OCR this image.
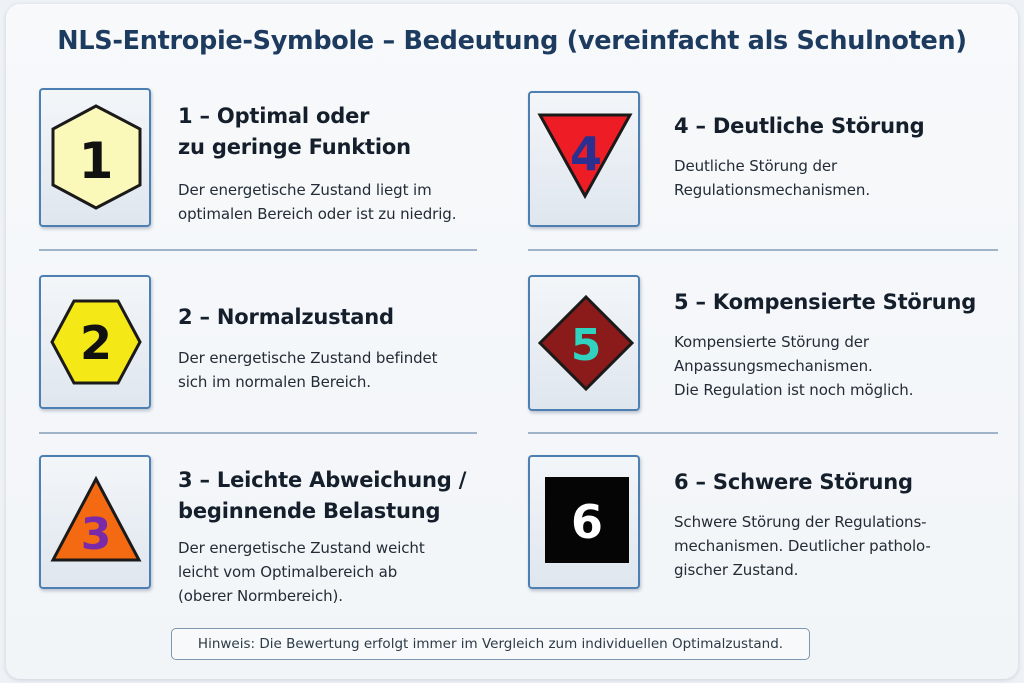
NLS-Entropie-Symbole – Bedeutung (vereinfacht als Schulnoten)
1
1 – Optimal oder
zu geringe Funktion
Der energetische Zustand liegt im
optimalen Bereich oder ist zu niedrig.
2	2 – Normalzustand
Der energetische Zustand befindet
sich im normalen Bereich.
3
3 – Leichte Abweichung /
beginnende Belastung
Der energetische Zustand weicht
leicht vom Optimalbereich ab
(oberer Normbereich).
4
4 – Deutliche Störung
Deutliche Störung der
Regulationsmechanismen.
5
5 – Kompensierte Störung
Kompensierte Störung der
Anpassungsmechanismen.
Die Regulation ist noch möglich.
6
6 – Schwere Störung
Schwere Störung der Regulations-
mechanismen. Deutlicher patholo-
gischer Zustand.
Hinweis: Die Bewertung erfolgt immer im Vergleich zum individuellen Optimalzustand.
